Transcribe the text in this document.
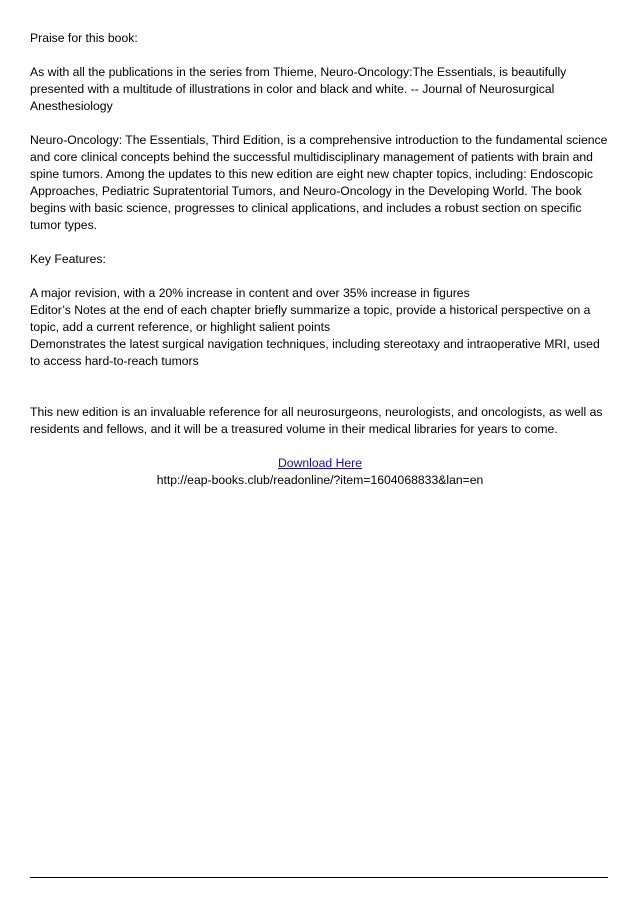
Praise for this book:

As with all the publications in the series from Thieme, Neuro-Oncology:The Essentials, is beautifully presented with a multitude of illustrations in color and black and white. -- Journal of Neurosurgical Anesthesiology

Neuro-Oncology: The Essentials, Third Edition, is a comprehensive introduction to the fundamental science and core clinical concepts behind the successful multidisciplinary management of patients with brain and spine tumors. Among the updates to this new edition are eight new chapter topics, including: Endoscopic Approaches, Pediatric Supratentorial Tumors, and Neuro-Oncology in the Developing World. The book begins with basic science, progresses to clinical applications, and includes a robust section on specific tumor types.

Key Features:

A major revision, with a 20% increase in content and over 35% increase in figures
Editor’s Notes at the end of each chapter briefly summarize a topic, provide a historical perspective on a topic, add a current reference, or highlight salient points
Demonstrates the latest surgical navigation techniques, including stereotaxy and intraoperative MRI, used to access hard-to-reach tumors

This new edition is an invaluable reference for all neurosurgeons, neurologists, and oncologists, as well as residents and fellows, and it will be a treasured volume in their medical libraries for years to come.

Download Here
http://eap-books.club/readonline/?item=1604068833&lan=en
